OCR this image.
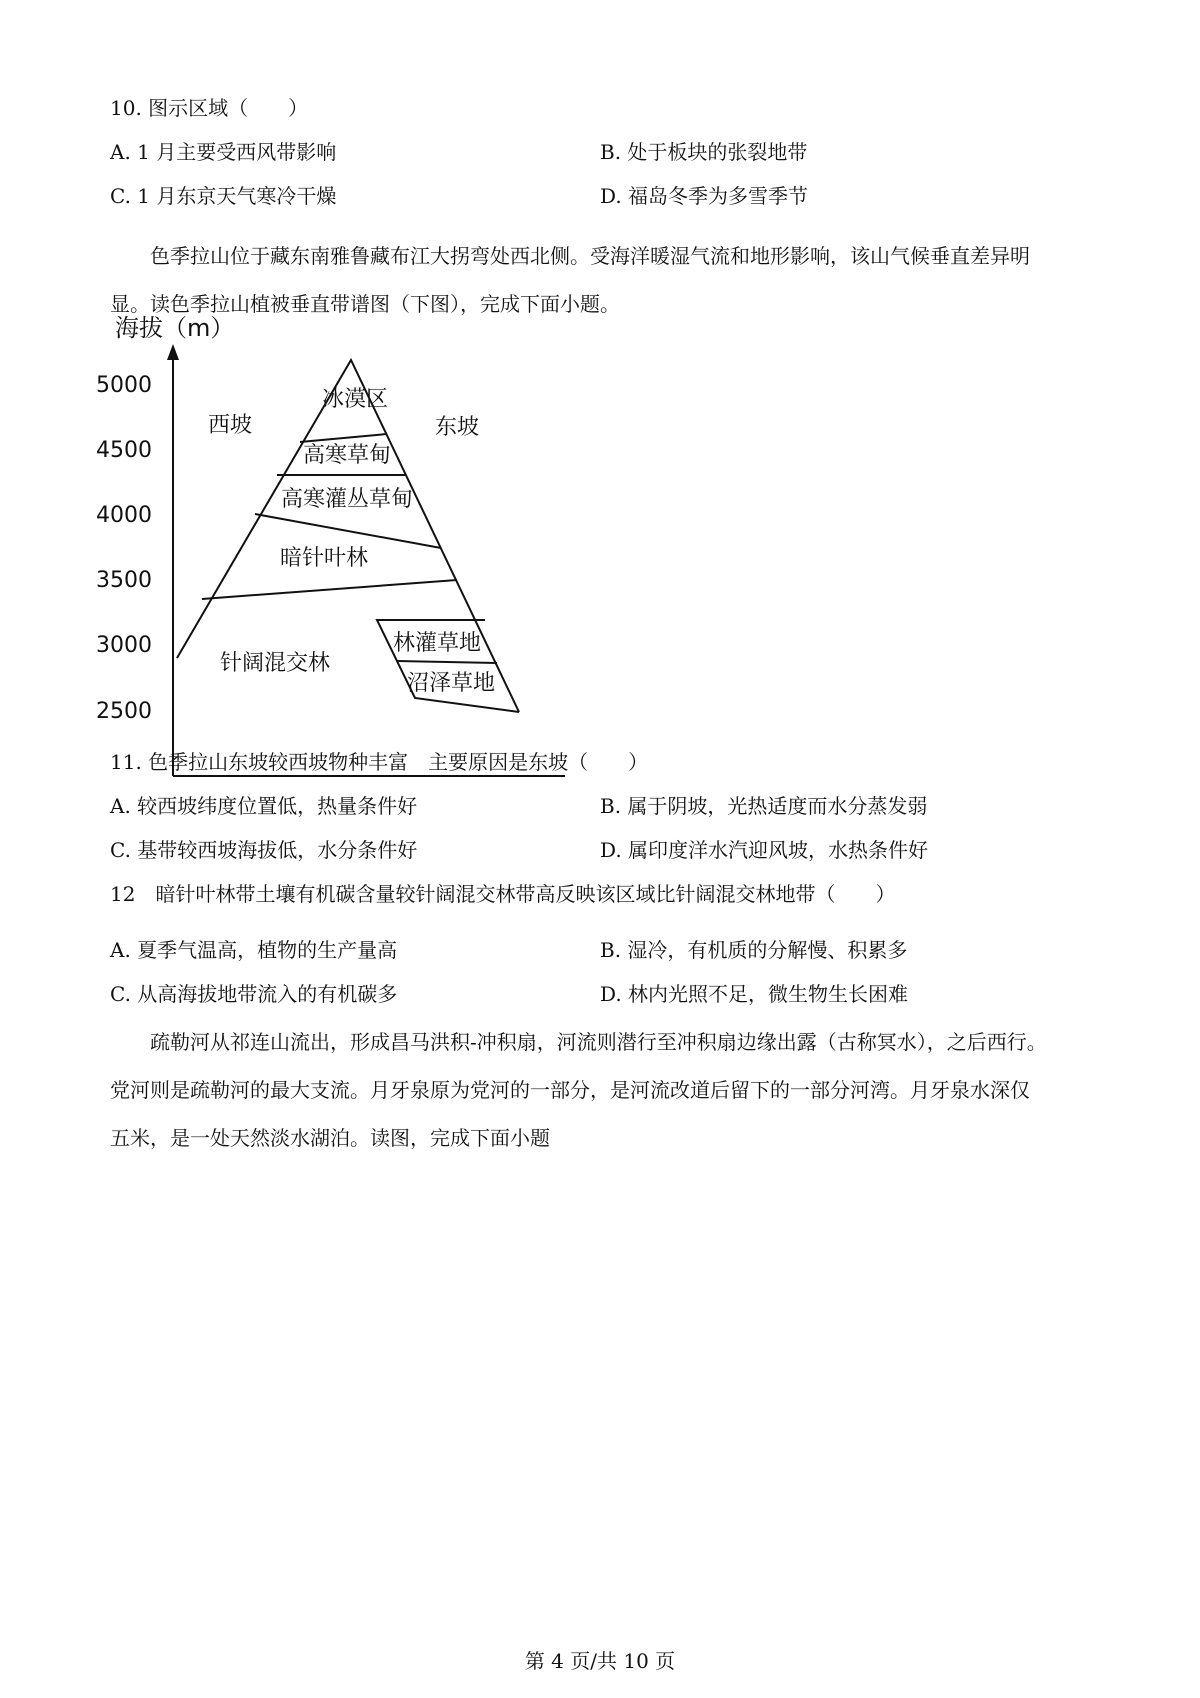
10. 图示区域（　　）
A. 1 月主要受西风带影响	B. 处于板块的张裂地带
C. 1 月东京天气寒冷干燥	D. 福岛冬季为多雪季节
色季拉山位于藏东南雅鲁藏布江大拐弯处西北侧。受海洋暖湿气流和地形影响，该山气候垂直差异明
显。读色季拉山植被垂直带谱图（下图），完成下面小题。
海拔（m）
5000
4500
4000
3500
3000
2500
西坡	东坡
冰漠区
高寒草甸
高寒灌丛草甸
暗针叶林
针阔混交林
林灌草地
沼泽草地
11. 色季拉山东坡较西坡物种丰富　主要原因是东坡（　　）
A. 较西坡纬度位置低，热量条件好	B. 属于阴坡，光热适度而水分蒸发弱
C. 基带较西坡海拔低，水分条件好	D. 属印度洋水汽迎风坡，水热条件好
12　暗针叶林带土壤有机碳含量较针阔混交林带高反映该区域比针阔混交林地带（　　）
A. 夏季气温高，植物的生产量高	B. 湿冷，有机质的分解慢、积累多
C. 从高海拔地带流入的有机碳多	D. 林内光照不足，微生物生长困难
疏勒河从祁连山流出，形成昌马洪积-冲积扇，河流则潜行至冲积扇边缘出露（古称冥水），之后西行。
党河则是疏勒河的最大支流。月牙泉原为党河的一部分，是河流改道后留下的一部分河湾。月牙泉水深仅
五米，是一处天然淡水湖泊。读图，完成下面小题
第 4 页/共 10 页
